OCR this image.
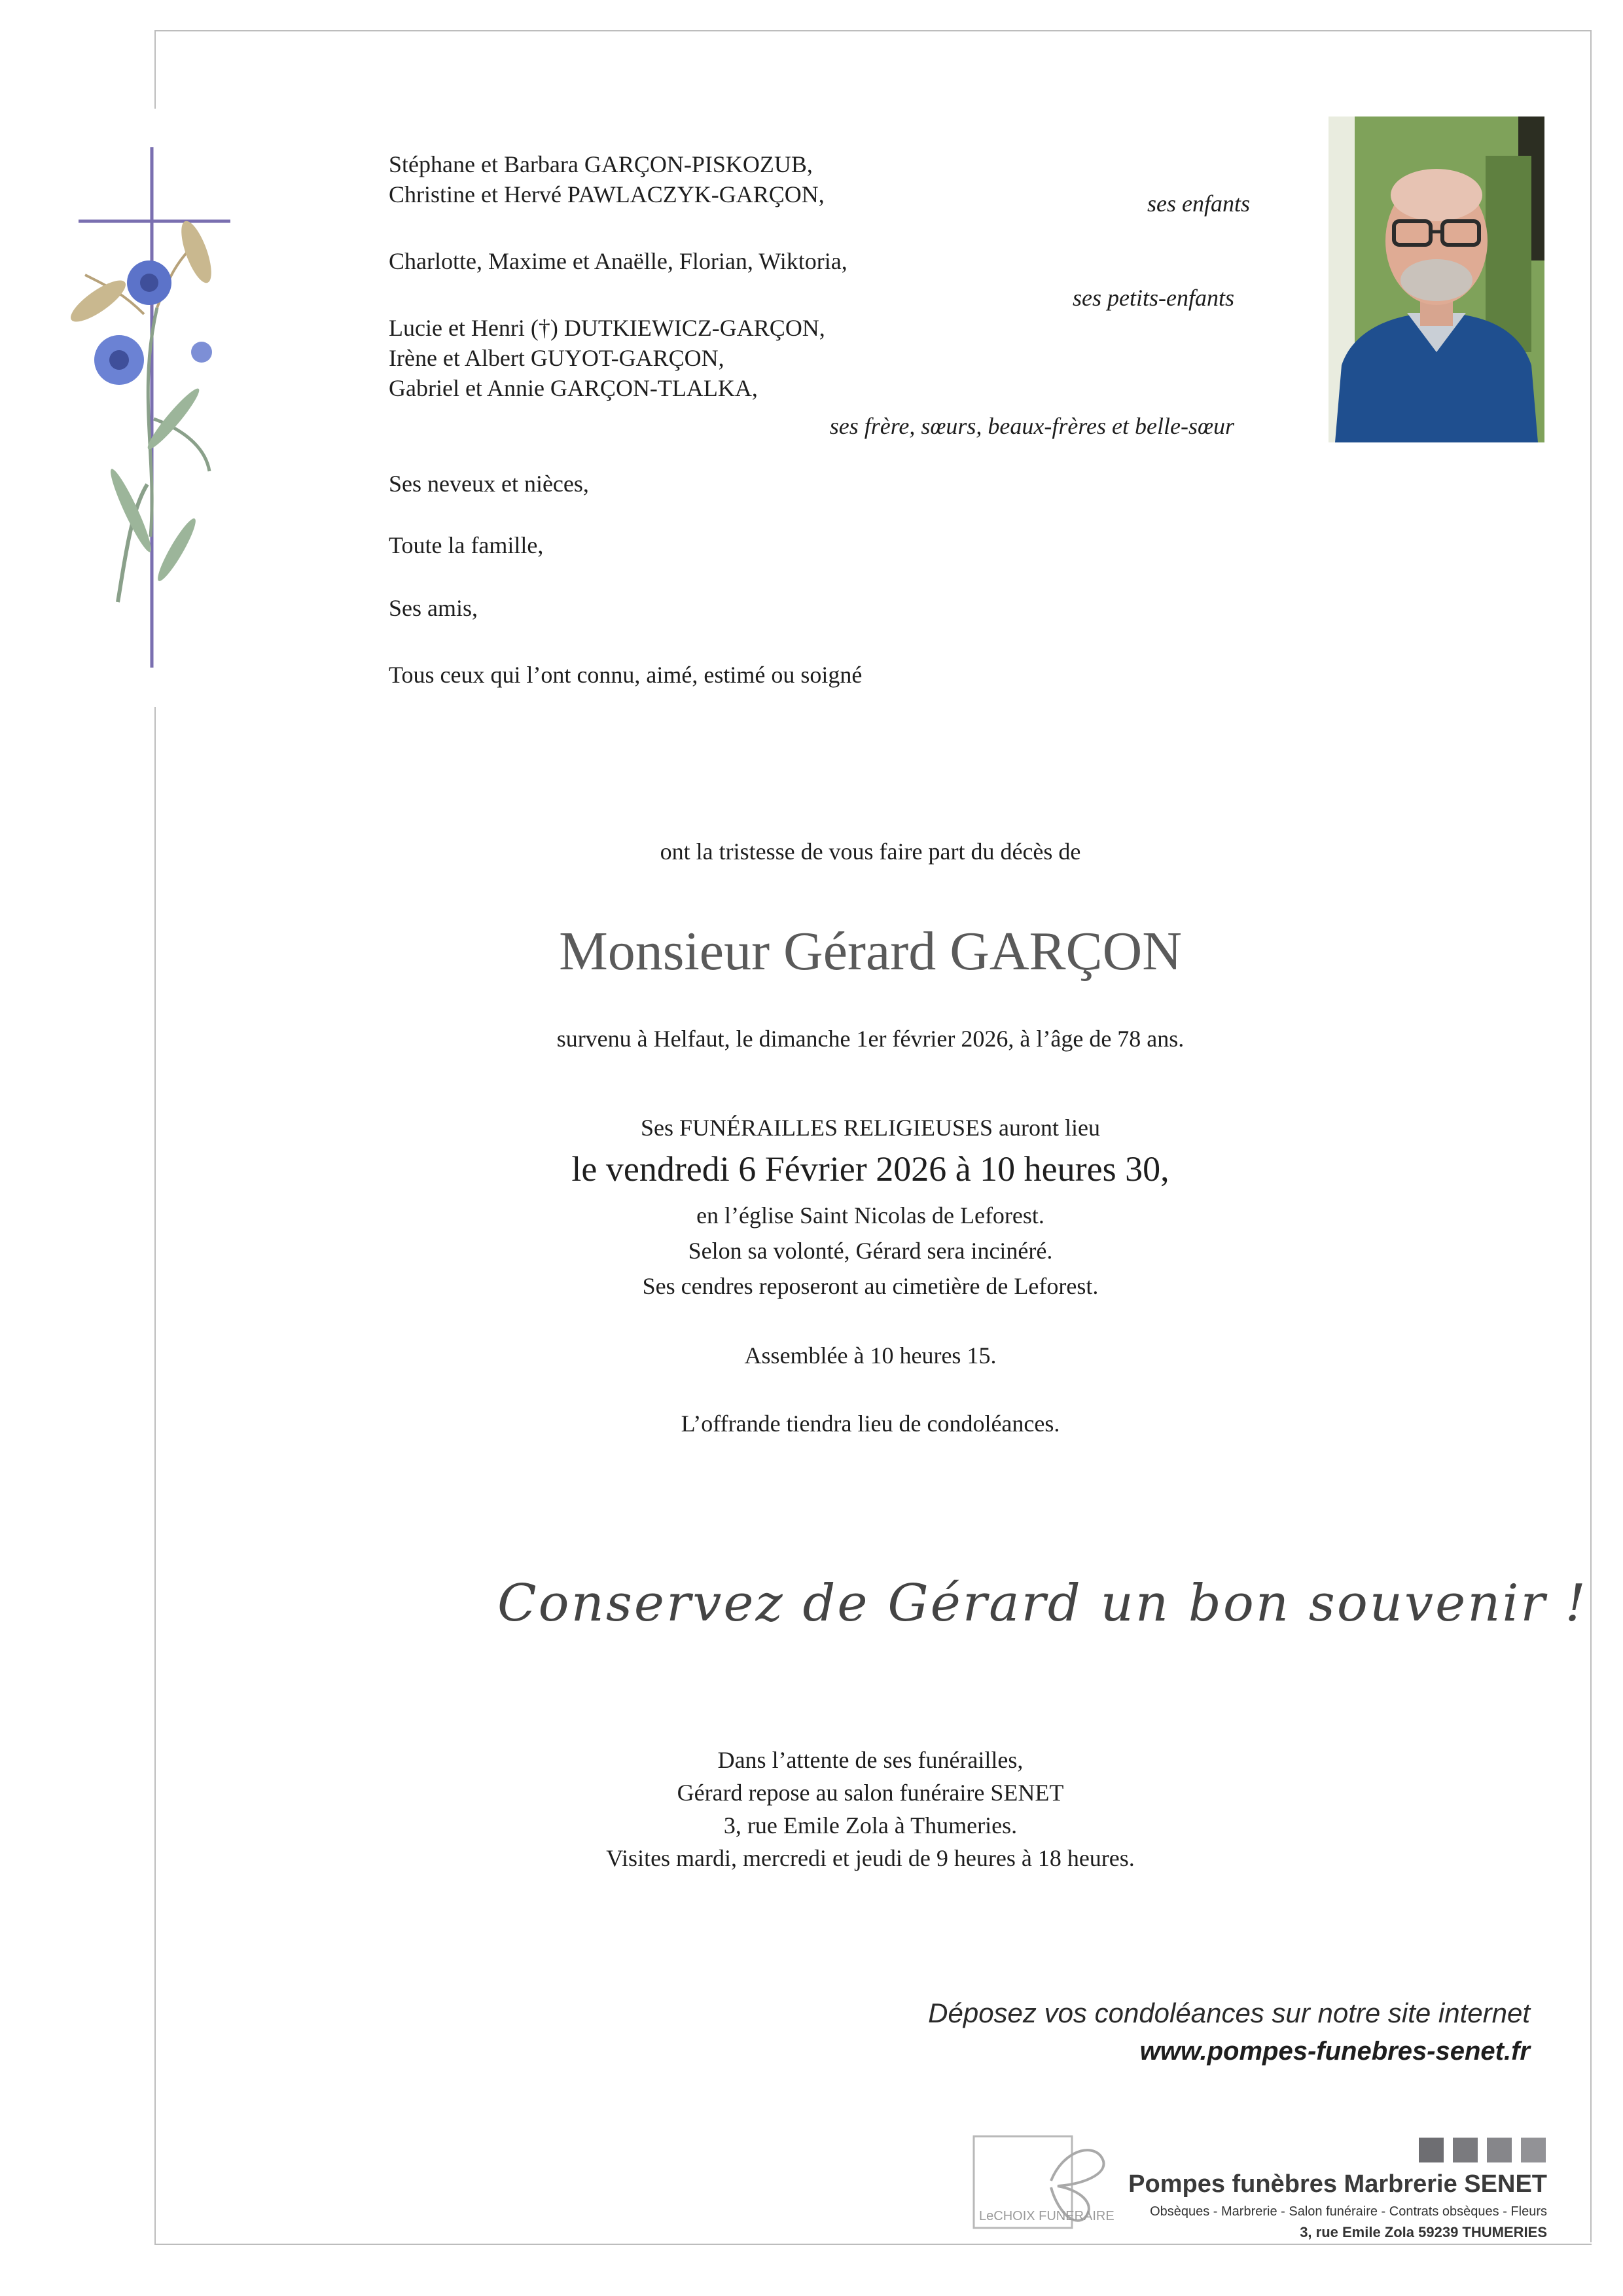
Stéphane et Barbara GARÇON-PISKOZUB,
Christine et Hervé PAWLACZYK-GARÇON,	ses enfants
Charlotte, Maxime et Anaëlle, Florian, Wiktoria,
ses petits-enfants
Lucie et Henri (†) DUTKIEWICZ-GARÇON,
Irène et Albert GUYOT-GARÇON,
Gabriel et Annie GARÇON-TLALKA,
ses frère, sœurs, beaux-frères et belle-sœur
Ses neveux et nièces,
Toute la famille,
Ses amis,
Tous ceux qui l’ont connu, aimé, estimé ou soigné
ont la tristesse de vous faire part du décès de
Monsieur Gérard GARÇON
survenu à Helfaut, le dimanche 1er février 2026, à l’âge de 78 ans.
Ses FUNÉRAILLES RELIGIEUSES auront lieu
le vendredi 6 Février 2026 à 10 heures 30,
en l’église Saint Nicolas de Leforest.
Selon sa volonté, Gérard sera incinéré.
Ses cendres reposeront au cimetière de Leforest.
Assemblée à 10 heures 15.
L’offrande tiendra lieu de condoléances.
Conservez de Gérard un bon souvenir !
Dans l’attente de ses funérailles,
Gérard repose au salon funéraire SENET
3, rue Emile Zola à Thumeries.
Visites mardi, mercredi et jeudi de 9 heures à 18 heures.
Déposez vos condoléances sur notre site internet
www.pompes-funebres-senet.fr
LeCHOIX FUNERAIRE
Pompes funèbres Marbrerie SENET
Obsèques - Marbrerie - Salon funéraire - Contrats obsèques - Fleurs
3, rue Emile Zola 59239 THUMERIES
